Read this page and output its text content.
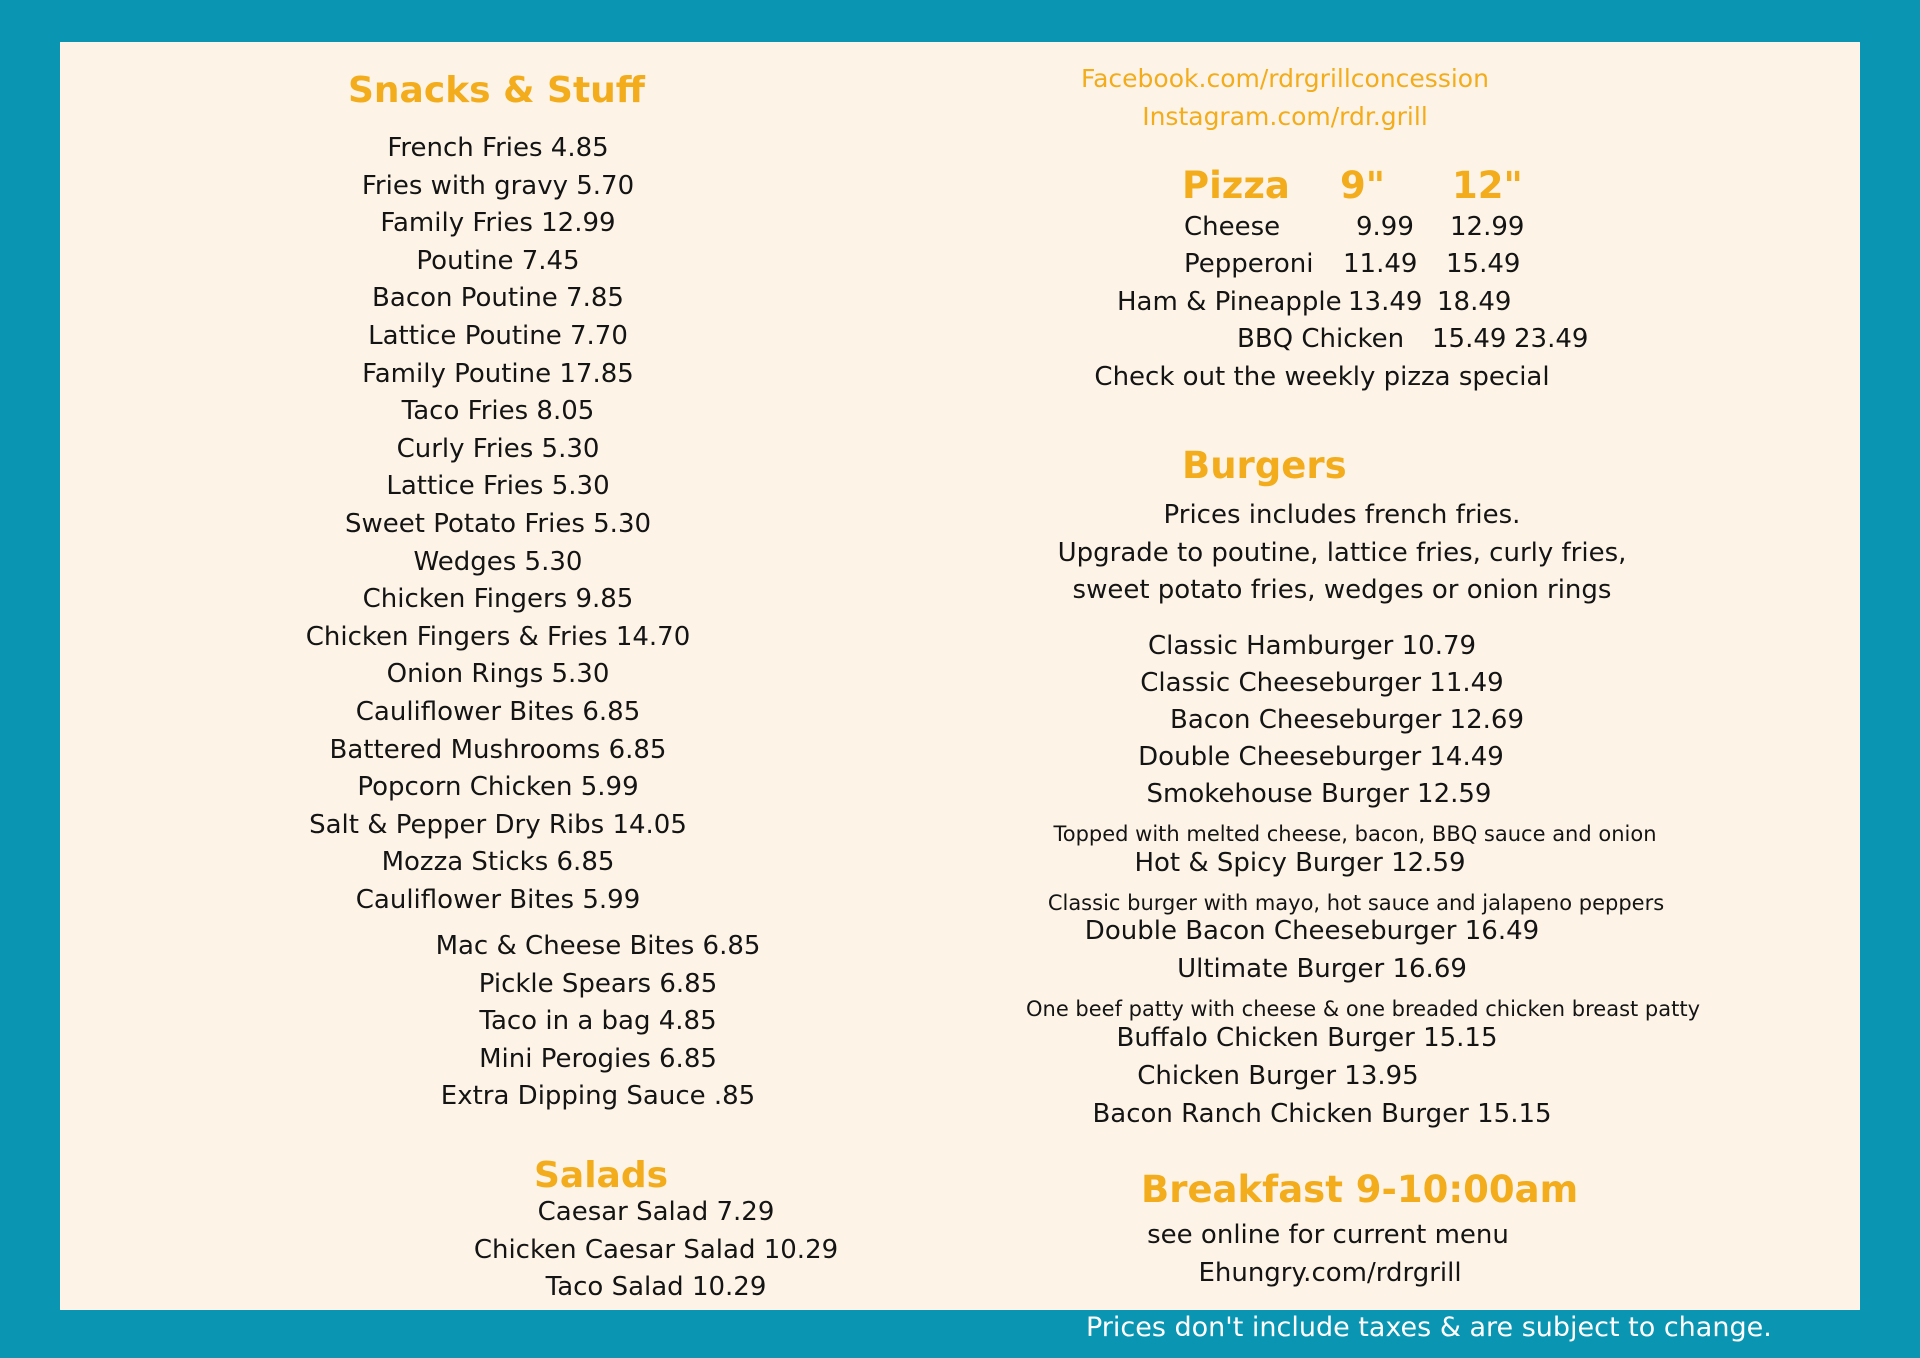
Snacks & Stuff
French Fries 4.85
Fries with gravy 5.70
Family Fries 12.99
Poutine 7.45
Bacon Poutine 7.85
Lattice Poutine 7.70
Family Poutine 17.85
Taco Fries 8.05
Curly Fries 5.30
Lattice Fries 5.30
Sweet Potato Fries 5.30
Wedges 5.30
Chicken Fingers 9.85
Chicken Fingers & Fries 14.70
Onion Rings 5.30
Cauliflower Bites 6.85
Battered Mushrooms 6.85
Popcorn Chicken 5.99
Salt & Pepper Dry Ribs 14.05
Mozza Sticks 6.85
Cauliflower Bites 5.99
Mac & Cheese Bites 6.85
Pickle Spears 6.85
Taco in a bag 4.85
Mini Perogies 6.85
Extra Dipping Sauce .85
Salads
Caesar Salad 7.29
Chicken Caesar Salad 10.29
Taco Salad 10.29
Facebook.com/rdrgrillconcession
Instagram.com/rdr.grill
Pizza 9" 12"
Cheese	9.99 12.99
Pepperoni 11.49 15.49
Ham & Pineapple 13.49 18.49
BBQ Chicken 15.49 23.49
Check out the weekly pizza special
Burgers
Prices includes french fries.
Upgrade to poutine, lattice fries, curly fries,
sweet potato fries, wedges or onion rings
Classic Hamburger 10.79
Classic Cheeseburger 11.49
Bacon Cheeseburger 12.69
Double Cheeseburger 14.49
Smokehouse Burger 12.59
Topped with melted cheese, bacon, BBQ sauce and onion
Hot & Spicy Burger 12.59
Classic burger with mayo, hot sauce and jalapeno peppers
Double Bacon Cheeseburger 16.49
Ultimate Burger 16.69
One beef patty with cheese & one breaded chicken breast patty
Buffalo Chicken Burger 15.15
Chicken Burger 13.95
Bacon Ranch Chicken Burger 15.15
Breakfast 9-10:00am
see online for current menu
Ehungry.com/rdrgrill
Prices don't include taxes & are subject to change.
